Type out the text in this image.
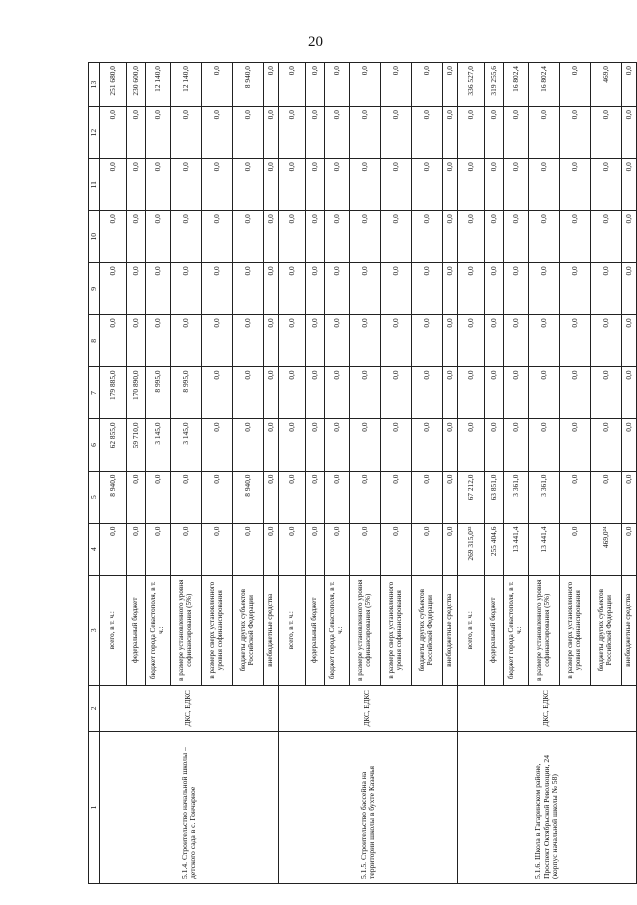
20
1	2	3	4	5	6	7	8	9	10	11	12	13
5.1.4. Строительство начальной школы – детского сада в с. Гончарное	ДКС, ЕДКС	всего, в т. ч.:	0,0	8 940,0	62 855,0	179 885,0	0,0	0,0	0,0	0,0	0,0	251 680,0
		федеральный бюджет	0,0	0,0	59 710,0	170 890,0	0,0	0,0	0,0	0,0	0,0	230 600,0
		бюджет города Севастополя, в т. ч.:	0,0	0,0	3 145,0	8 995,0	0,0	0,0	0,0	0,0	0,0	12 140,0
		в размере установленного уровня софинансирования (5%)	0,0	0,0	3 145,0	8 995,0	0,0	0,0	0,0	0,0	0,0	12 140,0
		в размере сверх установленного уровня софинансирования	0,0	0,0	0,0	0,0	0,0	0,0	0,0	0,0	0,0	0,0
		бюджеты других субъектов Российской Федерации	0,0	8 940,0	0,0	0,0	0,0	0,0	0,0	0,0	0,0	8 940,0
		внебюджетные средства	0,0	0,0	0,0	0,0	0,0	0,0	0,0	0,0	0,0	0,0
5.1.5. Строительство бассейна на территории школы в бухте Казачья	ДКС, ЕДКС	всего, в т. ч.:	0,0	0,0	0,0	0,0	0,0	0,0	0,0	0,0	0,0	0,0
		федеральный бюджет	0,0	0,0	0,0	0,0	0,0	0,0	0,0	0,0	0,0	0,0
		бюджет города Севастополя, в т. ч.:	0,0	0,0	0,0	0,0	0,0	0,0	0,0	0,0	0,0	0,0
		в размере установленного уровня софинансирования (5%)	0,0	0,0	0,0	0,0	0,0	0,0	0,0	0,0	0,0	0,0
		в размере сверх установленного уровня софинансирования	0,0	0,0	0,0	0,0	0,0	0,0	0,0	0,0	0,0	0,0
		бюджеты других субъектов Российской Федерации	0,0	0,0	0,0	0,0	0,0	0,0	0,0	0,0	0,0	0,0
		внебюджетные средства	0,0	0,0	0,0	0,0	0,0	0,0	0,0	0,0	0,0	0,0
5.1.6. Школа в Гагаринском районе, Проспект Октябрьской Революции, 24 (корпус начальной школы № 58)	ДКС, ЕДКС	всего, в т. ч.:	269 315,0²³	67 212,0	0,0	0,0	0,0	0,0	0,0	0,0	0,0	336 527,0
		федеральный бюджет	255 404,6	63 851,0	0,0	0,0	0,0	0,0	0,0	0,0	0,0	319 255,6
		бюджет города Севастополя, в т. ч.:	13 441,4	3 361,0	0,0	0,0	0,0	0,0	0,0	0,0	0,0	16 802,4
		в размере установленного уровня софинансирования (5%)	13 441,4	3 361,0	0,0	0,0	0,0	0,0	0,0	0,0	0,0	16 802,4
		в размере сверх установленного уровня софинансирования	0,0	0,0	0,0	0,0	0,0	0,0	0,0	0,0	0,0	0,0
		бюджеты других субъектов Российской Федерации	469,0²⁴	0,0	0,0	0,0	0,0	0,0	0,0	0,0	0,0	469,0
		внебюджетные средства	0,0	0,0	0,0	0,0	0,0	0,0	0,0	0,0	0,0	0,0
